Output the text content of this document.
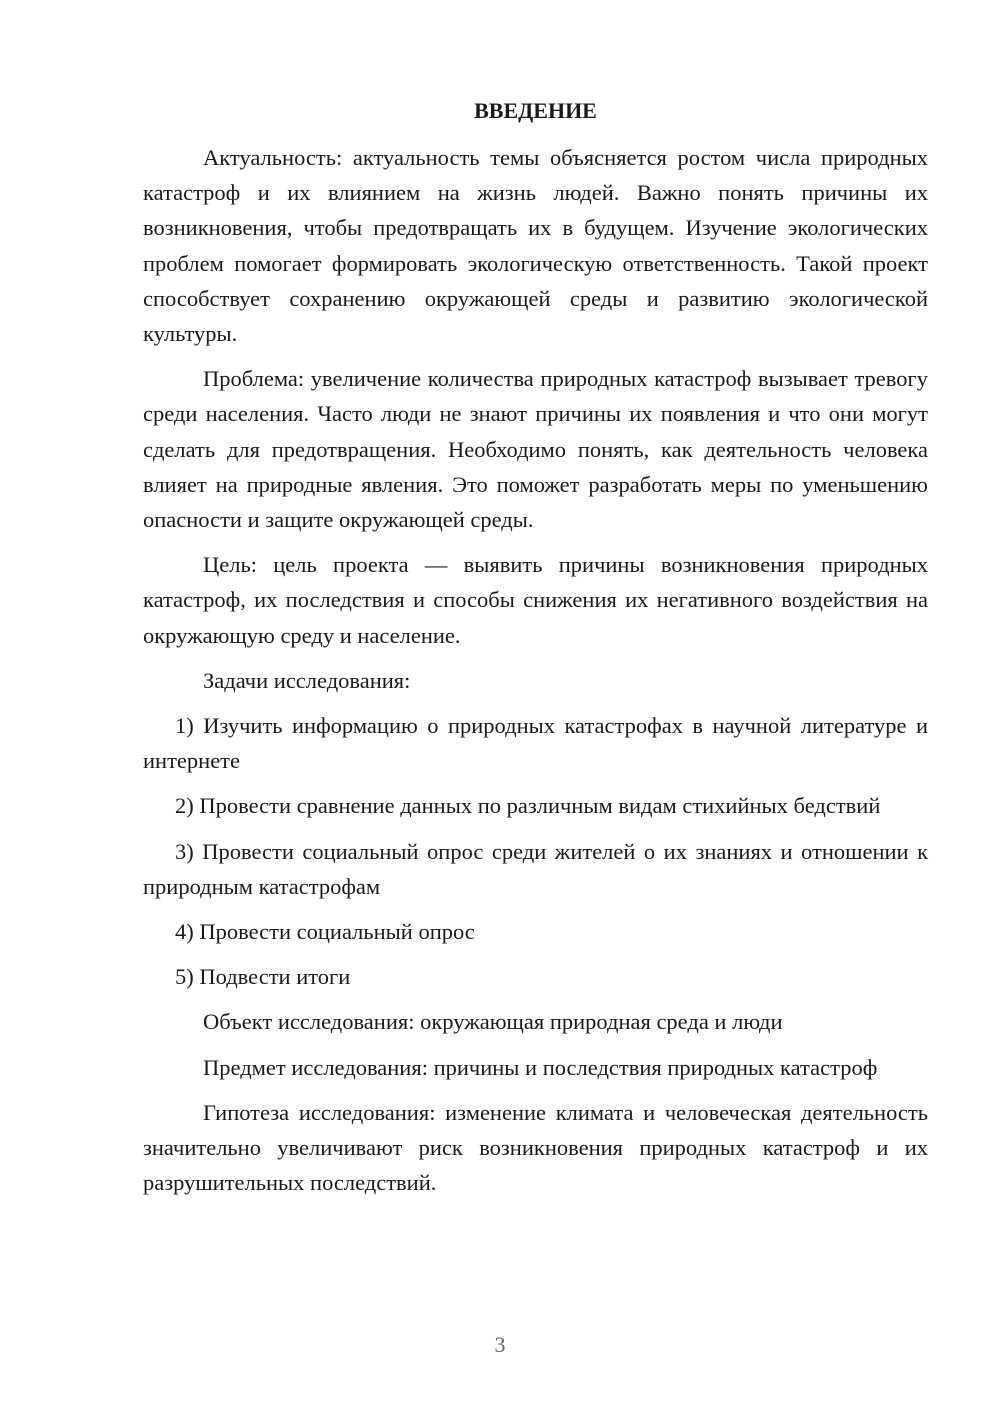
ВВЕДЕНИЕ

Актуальность: актуальность темы объясняется ростом числа природных катастроф и их влиянием на жизнь людей. Важно понять причины их возникновения, чтобы предотвращать их в будущем. Изучение экологических проблем помогает формировать экологическую ответственность. Такой проект способствует сохранению окружающей среды и развитию экологической культуры.

Проблема: увеличение количества природных катастроф вызывает тревогу среди населения. Часто люди не знают причины их появления и что они могут сделать для предотвращения. Необходимо понять, как деятельность человека влияет на природные явления. Это поможет разработать меры по уменьшению опасности и защите окружающей среды.

Цель: цель проекта — выявить причины возникновения природных катастроф, их последствия и способы снижения их негативного воздействия на окружающую среду и население.

Задачи исследования:

1) Изучить информацию о природных катастрофах в научной литературе и интернете

2) Провести сравнение данных по различным видам стихийных бедствий

3) Провести социальный опрос среди жителей о их знаниях и отношении к природным катастрофам

4) Провести социальный опрос

5) Подвести итоги

Объект исследования: окружающая природная среда и люди

Предмет исследования: причины и последствия природных катастроф

Гипотеза исследования: изменение климата и человеческая деятельность значительно увеличивают риск возникновения природных катастроф и их разрушительных последствий.

3
